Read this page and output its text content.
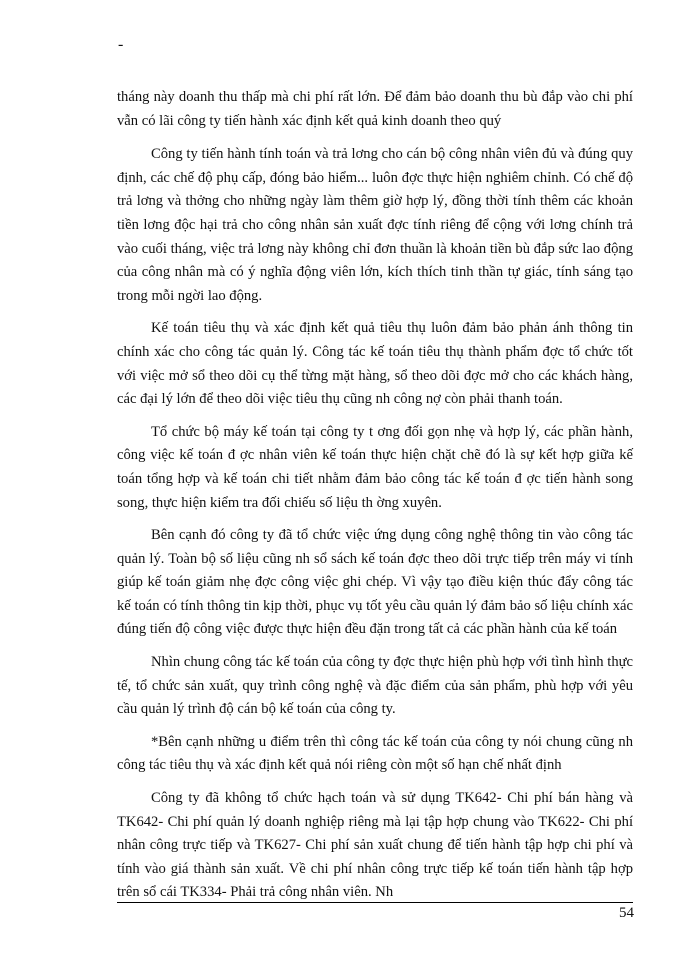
-

tháng này doanh thu thấp mà chi phí rất lớn. Để đảm bảo doanh thu bù đắp vào chi phí vẫn có lãi công ty tiến hành xác định kết quả kinh doanh theo quý

Công ty tiến hành tính toán và trả lơng cho cán bộ công nhân viên đủ và đúng quy định, các chế độ phụ cấp, đóng bảo hiểm... luôn đợc thực hiện nghiêm chỉnh. Có chế độ trả lơng và thởng cho những ngày làm thêm giờ hợp lý, đồng thời tính thêm các khoản tiền lơng độc hại trả cho công nhân sản xuất đợc tính riêng để cộng với lơng chính trả vào cuối tháng, việc trả lơng này không chỉ đơn thuần là khoản tiền bù đắp sức lao động của công nhân mà có ý nghĩa động viên lớn, kích thích tinh thần tự giác, tính sáng tạo trong mỗi ngời lao động.

Kế toán tiêu thụ và xác định kết quả tiêu thụ luôn đảm bảo phản ánh thông tin chính xác cho công tác quản lý. Công tác kế toán tiêu thụ thành phẩm đợc tổ chức tốt với việc mở sổ theo dõi cụ thể từng mặt hàng, sổ theo dõi đợc mở cho các khách hàng, các đại lý lớn để theo dõi việc tiêu thụ cũng nh công nợ còn phải thanh toán.

Tổ chức bộ máy kế toán tại công ty t ơng đối gọn nhẹ và hợp lý, các phần hành, công việc kế toán đ ợc nhân viên kế toán thực hiện chặt chẽ đó là sự kết hợp giữa kế toán tổng hợp và kế toán chi tiết nhằm đảm bảo công tác kế toán đ ợc tiến hành song song, thực hiện kiểm tra đối chiếu số liệu th ờng xuyên.

Bên cạnh đó công ty đã tổ chức việc ứng dụng công nghệ thông tin vào công tác quản lý. Toàn bộ số liệu cũng nh sổ sách kế toán đợc theo dõi trực tiếp trên máy vi tính giúp kế toán giảm nhẹ đợc công việc ghi chép. Vì vậy tạo điều kiện thúc đẩy công tác kế toán có tính thông tin kịp thời, phục vụ tốt yêu cầu quản lý đảm bảo số liệu chính xác đúng tiến độ công việc được thực hiện đều đặn trong tất cả các phần hành của kế toán

Nhìn chung công tác kế toán của công ty đợc thực hiện phù hợp với tình hình thực tế, tổ chức sản xuất, quy trình công nghệ và đặc điểm của sản phẩm, phù hợp với yêu cầu quản lý trình độ cán bộ kế toán của công ty.

*Bên cạnh những u điểm trên thì công tác kế toán của công ty nói chung cũng nh công tác tiêu thụ và xác định kết quả nói riêng còn một số hạn chế nhất định

Công ty đã không tổ chức hạch toán và sử dụng TK642- Chi phí bán hàng và TK642- Chi phí quản lý doanh nghiệp riêng mà lại tập hợp chung vào TK622- Chi phí nhân công trực tiếp và TK627- Chi phí sản xuất chung để tiến hành tập hợp chi phí và tính vào giá thành sản xuất. Về chi phí nhân công trực tiếp kế toán tiến hành tập hợp trên sổ cái TK334- Phải trả công nhân viên. Nh

54
